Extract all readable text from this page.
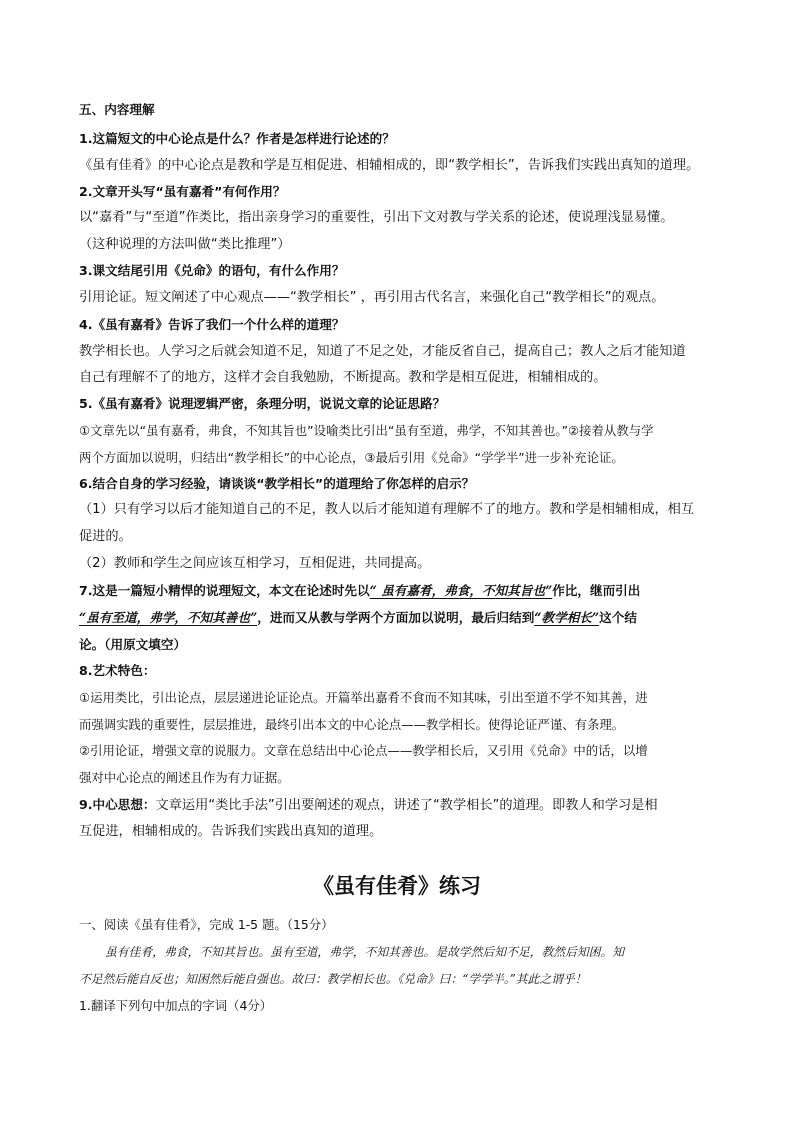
五、内容理解
1.这篇短文的中心论点是什么？作者是怎样进行论述的？
《虽有佳肴》的中心论点是教和学是互相促进、相辅相成的，即“教学相长”，告诉我们实践出真知的道理。
2.文章开头写“虽有嘉肴”有何作用？
以“嘉肴”与“至道”作类比，指出亲身学习的重要性，引出下文对教与学关系的论述，使说理浅显易懂。
（这种说理的方法叫做“类比推理”）
3.课文结尾引用《兑命》的语句，有什么作用？
引用论证。短文阐述了中心观点——“教学相长” ，再引用古代名言，来强化自己“教学相长”的观点。
4.《虽有嘉肴》告诉了我们一个什么样的道理？
教学相长也。人学习之后就会知道不足，知道了不足之处，才能反省自己，提高自己；教人之后才能知道
自己有理解不了的地方，这样才会自我勉励，不断提高。教和学是相互促进，相辅相成的。
5.《虽有嘉肴》说理逻辑严密，条理分明，说说文章的论证思路？
①文章先以“虽有嘉肴，弗食，不知其旨也”设喻类比引出“虽有至道，弗学，不知其善也。”②接着从教与学
两个方面加以说明，归结出“教学相长”的中心论点，③最后引用《兑命》“学学半”进一步补充论证。
6.结合自身的学习经验，请谈谈“教学相长”的道理给了你怎样的启示？
（1）只有学习以后才能知道自己的不足，教人以后才能知道有理解不了的地方。教和学是相辅相成，相互
促进的。
（2）教师和学生之间应该互相学习，互相促进，共同提高。
7.这是一篇短小精悍的说理短文，本文在论述时先以“ 虽有嘉肴，弗食，不知其旨也”作比，继而引出
“虽有至道，弗学，不知其善也”，进而又从教与学两个方面加以说明，最后归结到“教学相长”这个结
论。（用原文填空）
8.艺术特色：
①运用类比，引出论点，层层递进论证论点。开篇举出嘉肴不食而不知其味，引出至道不学不知其善，进
而强调实践的重要性，层层推进，最终引出本文的中心论点——教学相长。使得论证严谨、有条理。
②引用论证，增强文章的说服力。文章在总结出中心论点——教学相长后，又引用《兑命》中的话，以增
强对中心论点的阐述且作为有力证据。
9.中心思想：文章运用“类比手法”引出要阐述的观点，讲述了“教学相长”的道理。即教人和学习是相
互促进，相辅相成的。告诉我们实践出真知的道理。
《虽有佳肴》练习
一、阅读《虽有佳肴》，完成 1-5 题。（15分）
虽有佳肴，弗食，不知其旨也。虽有至道，弗学，不知其善也。是故学然后知不足，教然后知困。知
不足然后能自反也；知困然后能自强也。故曰：教学相长也。《兑命》曰：“学学半。”其此之谓乎！
1.翻译下列句中加点的字词（4分）
